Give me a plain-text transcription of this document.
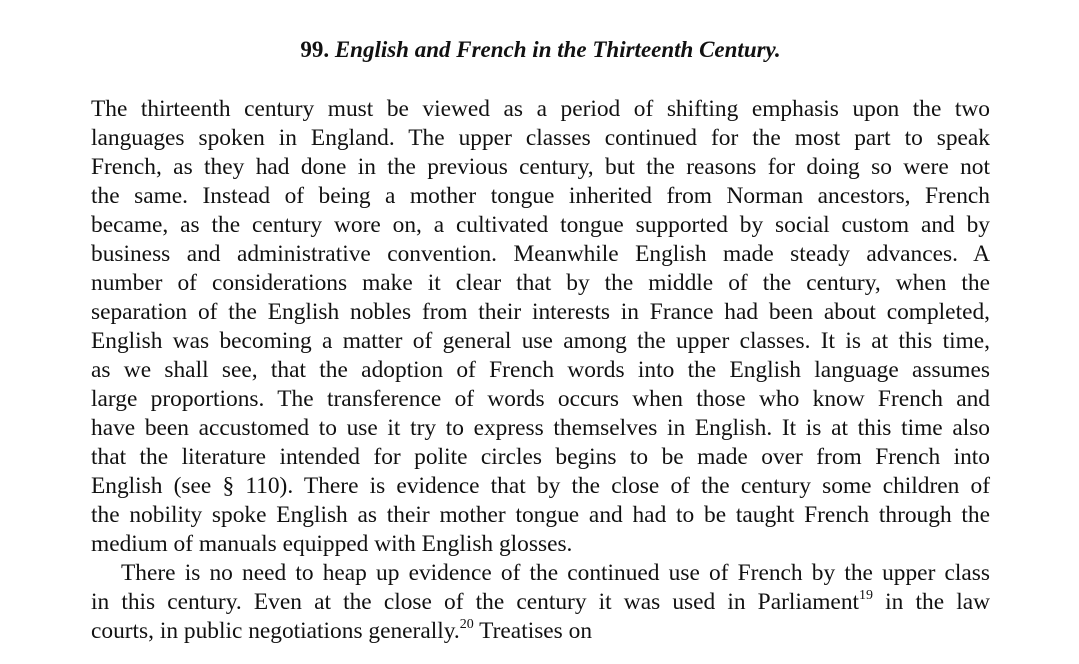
99. English and French in the Thirteenth Century.
The thirteenth century must be viewed as a period of shifting emphasis upon the two
languages spoken in England. The upper classes continued for the most part to speak
French, as they had done in the previous century, but the reasons for doing so were not
the same. Instead of being a mother tongue inherited from Norman ancestors, French
became, as the century wore on, a cultivated tongue supported by social custom and by
business and administrative convention. Meanwhile English made steady advances. A
number of considerations make it clear that by the middle of the century, when the
separation of the English nobles from their interests in France had been about completed,
English was becoming a matter of general use among the upper classes. It is at this time,
as we shall see, that the adoption of French words into the English language assumes
large proportions. The transference of words occurs when those who know French and
have been accustomed to use it try to express themselves in English. It is at this time also
that the literature intended for polite circles begins to be made over from French into
English (see § 110). There is evidence that by the close of the century some children of
the nobility spoke English as their mother tongue and had to be taught French through the
medium of manuals equipped with English glosses.
There is no need to heap up evidence of the continued use of French by the upper class
in this century. Even at the close of the century it was used in Parliament$^{19}$ in the law
courts, in public negotiations generally.$^{20}$ Treatises on
